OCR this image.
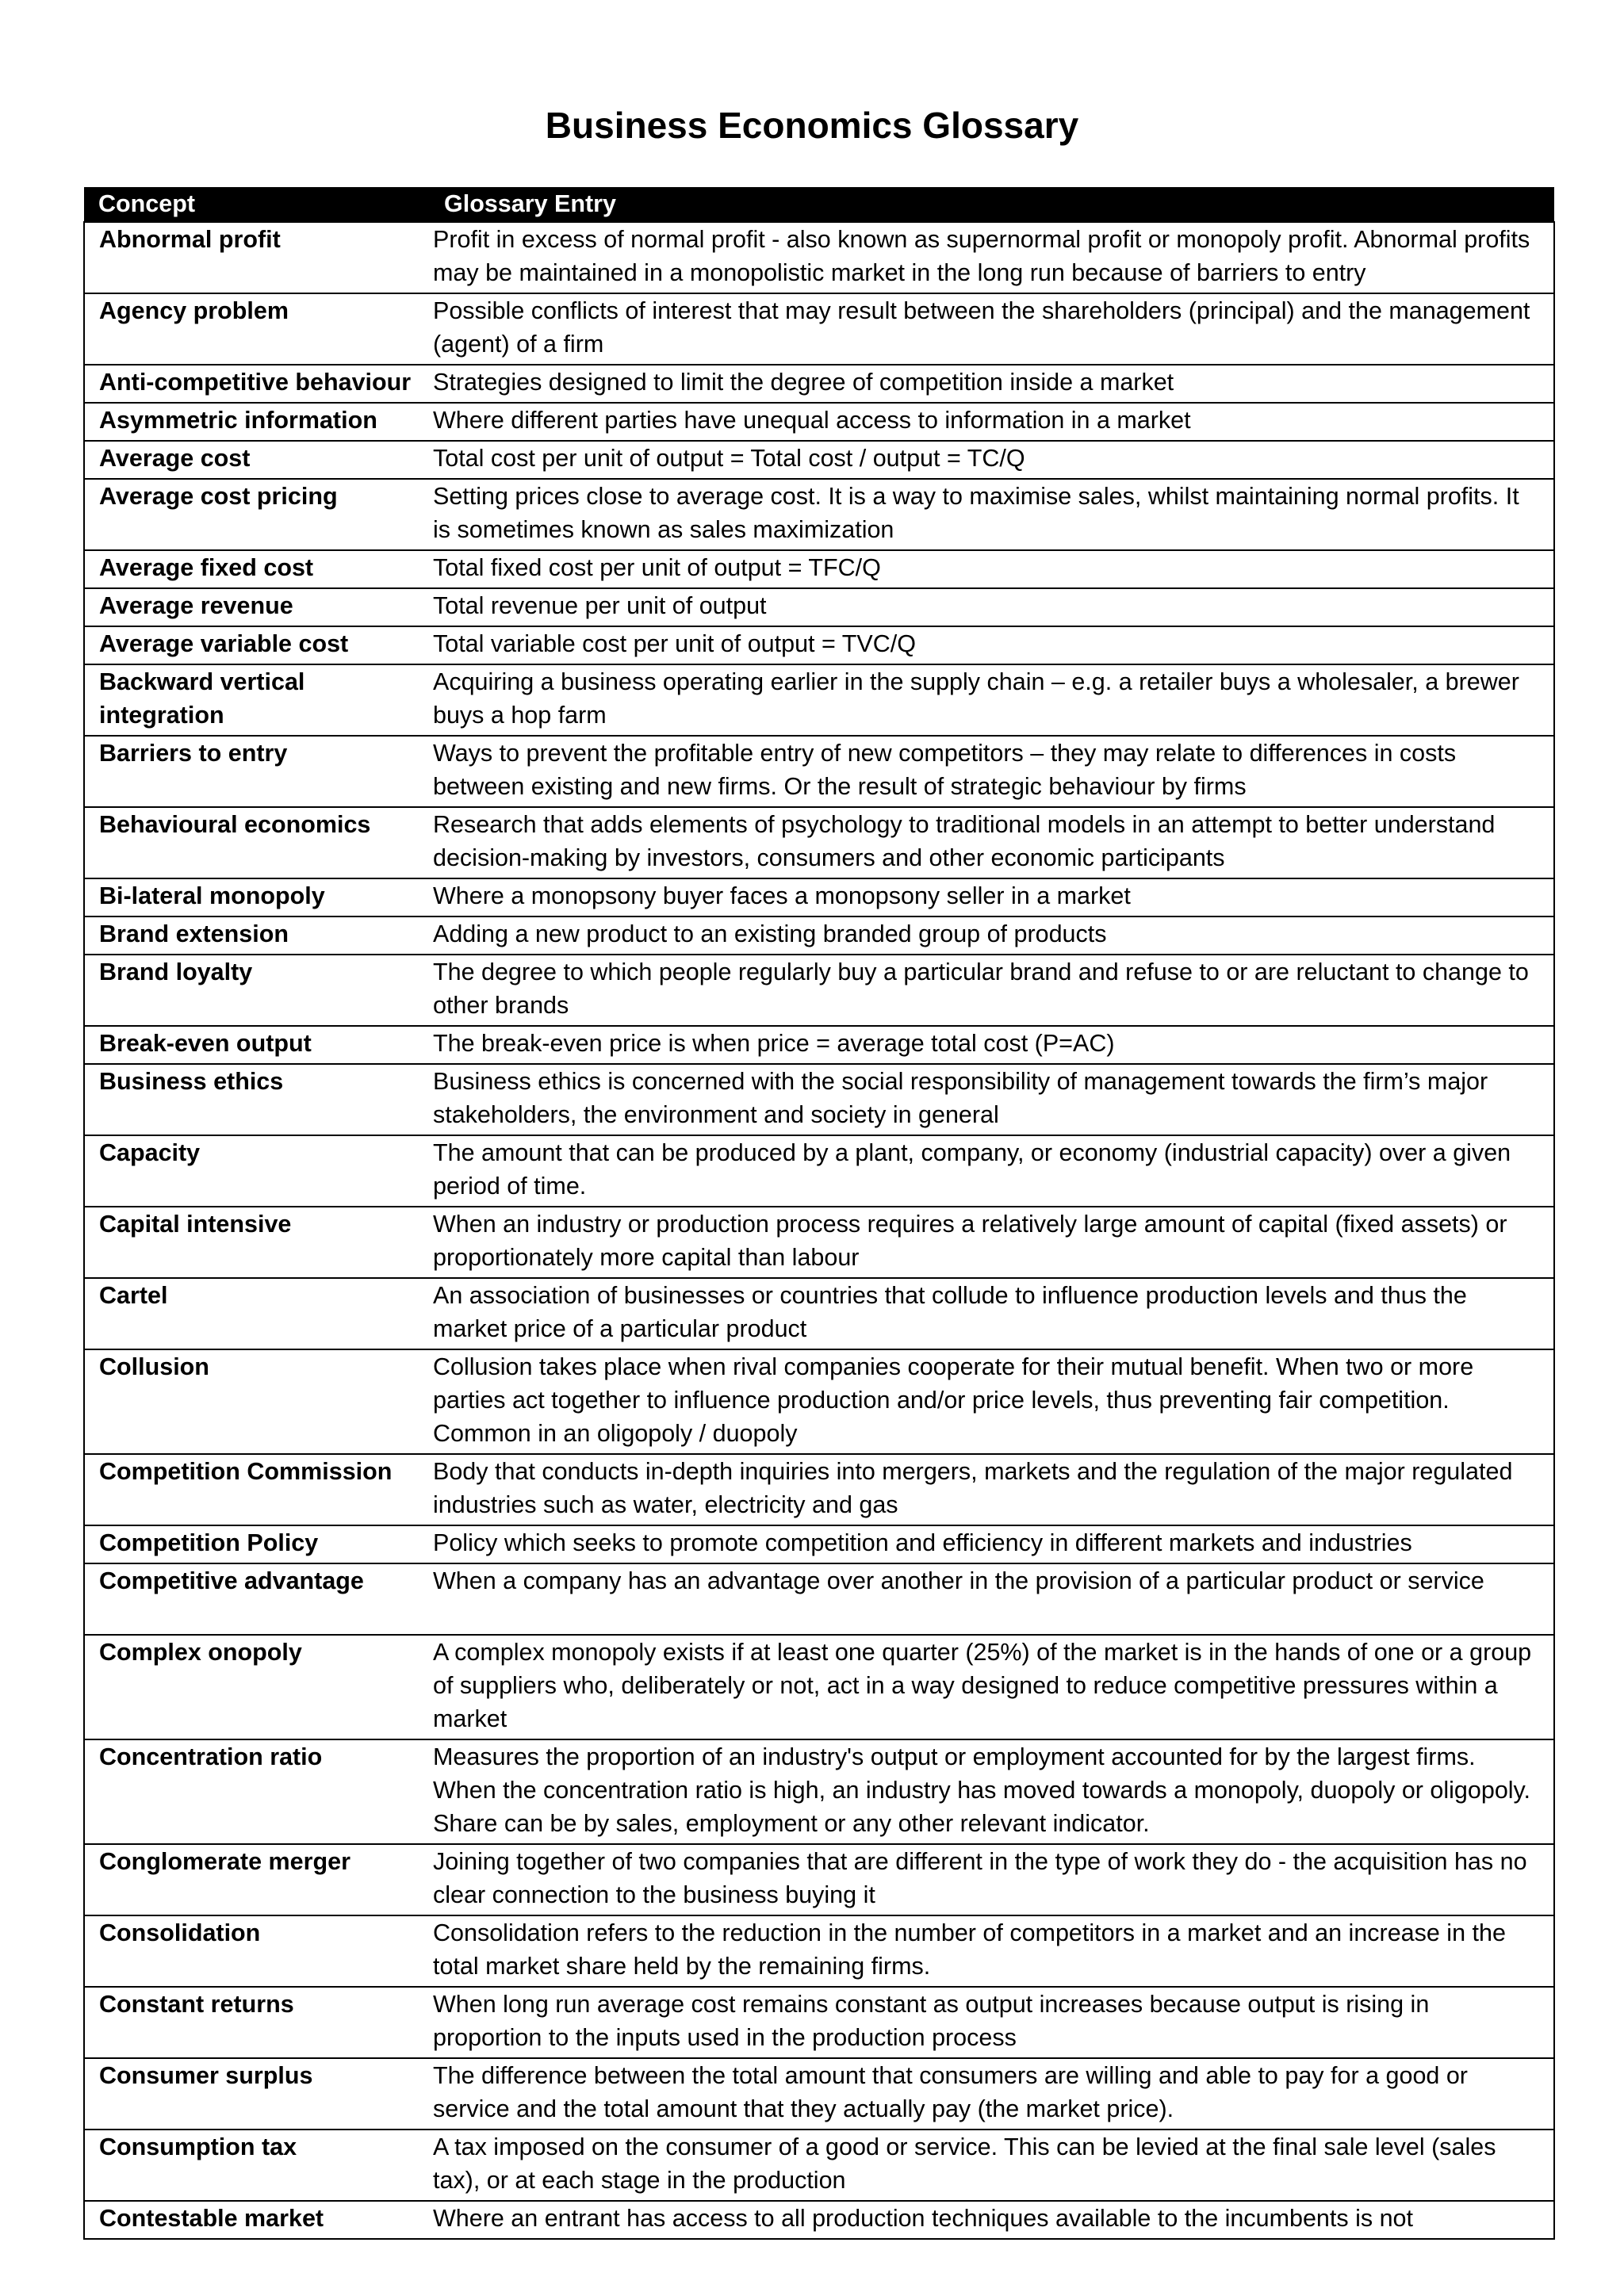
Business Economics Glossary
Concept	Glossary Entry
Abnormal profit	Profit in excess of normal profit - also known as supernormal profit or monopoly profit. Abnormal profits may be maintained in a monopolistic market in the long run because of barriers to entry
Agency problem	Possible conflicts of interest that may result between the shareholders (principal) and the management (agent) of a firm
Anti-competitive behaviour	Strategies designed to limit the degree of competition inside a market
Asymmetric information	Where different parties have unequal access to information in a market
Average cost	Total cost per unit of output = Total cost / output = TC/Q
Average cost pricing	Setting prices close to average cost. It is a way to maximise sales, whilst maintaining normal profits. It is sometimes known as sales maximization
Average fixed cost	Total fixed cost per unit of output = TFC/Q
Average revenue	Total revenue per unit of output
Average variable cost	Total variable cost per unit of output = TVC/Q
Backward vertical integration	Acquiring a business operating earlier in the supply chain – e.g. a retailer buys a wholesaler, a brewer buys a hop farm
Barriers to entry	Ways to prevent the profitable entry of new competitors – they may relate to differences in costs between existing and new firms. Or the result of strategic behaviour by firms
Behavioural economics	Research that adds elements of psychology to traditional models in an attempt to better understand decision-making by investors, consumers and other economic participants
Bi-lateral monopoly	Where a monopsony buyer faces a monopsony seller in a market
Brand extension	Adding a new product to an existing branded group of products
Brand loyalty	The degree to which people regularly buy a particular brand and refuse to or are reluctant to change to other brands
Break-even output	The break-even price is when price = average total cost (P=AC)
Business ethics	Business ethics is concerned with the social responsibility of management towards the firm’s major stakeholders, the environment and society in general
Capacity	The amount that can be produced by a plant, company, or economy (industrial capacity) over a given period of time.
Capital intensive	When an industry or production process requires a relatively large amount of capital (fixed assets) or proportionately more capital than labour
Cartel	An association of businesses or countries that collude to influence production levels and thus the market price of a particular product
Collusion	Collusion takes place when rival companies cooperate for their mutual benefit. When two or more parties act together to influence production and/or price levels, thus preventing fair competition. Common in an oligopoly / duopoly
Competition Commission	Body that conducts in-depth inquiries into mergers, markets and the regulation of the major regulated industries such as water, electricity and gas
Competition Policy	Policy which seeks to promote competition and efficiency in different markets and industries
Competitive advantage	When a company has an advantage over another in the provision of a particular product or service
Complex onopoly	A complex monopoly exists if at least one quarter (25%) of the market is in the hands of one or a group of suppliers who, deliberately or not, act in a way designed to reduce competitive pressures within a market
Concentration ratio	Measures the proportion of an industry's output or employment accounted for by the largest firms. When the concentration ratio is high, an industry has moved towards a monopoly, duopoly or oligopoly. Share can be by sales, employment or any other relevant indicator.
Conglomerate merger	Joining together of two companies that are different in the type of work they do - the acquisition has no clear connection to the business buying it
Consolidation	Consolidation refers to the reduction in the number of competitors in a market and an increase in the total market share held by the remaining firms.
Constant returns	When long run average cost remains constant as output increases because output is rising in proportion to the inputs used in the production process
Consumer surplus	The difference between the total amount that consumers are willing and able to pay for a good or service and the total amount that they actually pay (the market price).
Consumption tax	A tax imposed on the consumer of a good or service. This can be levied at the final sale level (sales tax), or at each stage in the production
Contestable market	Where an entrant has access to all production techniques available to the incumbents is not
